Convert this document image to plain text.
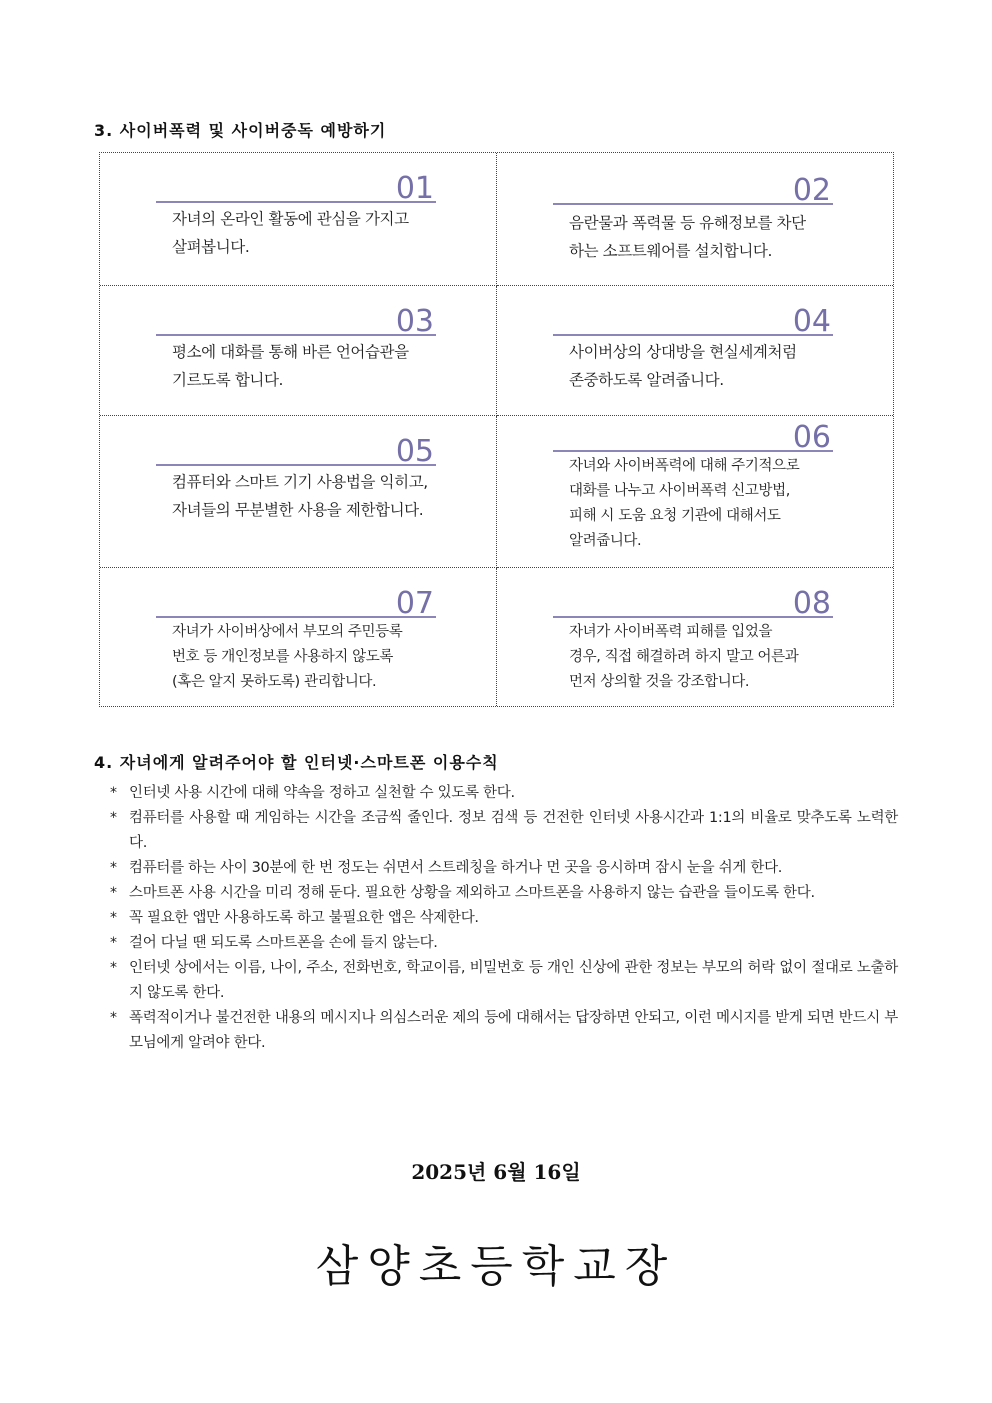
3. 사이버폭력 및 사이버중독 예방하기
01

자녀의 온라인 활동에 관심을 가지고
살펴봅니다.

02

음란물과 폭력물 등 유해정보를 차단
하는 소프트웨어를 설치합니다.

03

평소에 대화를 통해 바른 언어습관을
기르도록 합니다.

04

사이버상의 상대방을 현실세계처럼
존중하도록 알려줍니다.

05

컴퓨터와 스마트 기기 사용법을 익히고,
자녀들의 무분별한 사용을 제한합니다.

06

자녀와 사이버폭력에 대해 주기적으로
대화를 나누고 사이버폭력 신고방법,
피해 시 도움 요청 기관에 대해서도
알려줍니다.

07

자녀가 사이버상에서 부모의 주민등록
번호 등 개인정보를 사용하지 않도록
(혹은 알지 못하도록) 관리합니다.

08

자녀가 사이버폭력 피해를 입었을
경우, 직접 해결하려 하지 말고 어른과
먼저 상의할 것을 강조합니다.

4. 자녀에게 알려주어야 할 인터넷·스마트폰 이용수칙
* 인터넷 사용 시간에 대해 약속을 정하고 실천할 수 있도록 한다.
* 컴퓨터를 사용할 때 게임하는 시간을 조금씩 줄인다. 정보 검색 등 건전한 인터넷 사용시간과 1:1의 비율로 맞추도록 노력한다.
* 컴퓨터를 하는 사이 30분에 한 번 정도는 쉬면서 스트레칭을 하거나 먼 곳을 응시하며 잠시 눈을 쉬게 한다.
* 스마트폰 사용 시간을 미리 정해 둔다. 필요한 상황을 제외하고 스마트폰을 사용하지 않는 습관을 들이도록 한다.
* 꼭 필요한 앱만 사용하도록 하고 불필요한 앱은 삭제한다.
* 걸어 다닐 땐 되도록 스마트폰을 손에 들지 않는다.
* 인터넷 상에서는 이름, 나이, 주소, 전화번호, 학교이름, 비밀번호 등 개인 신상에 관한 정보는 부모의 허락 없이 절대로 노출하지 않도록 한다.
* 폭력적이거나 불건전한 내용의 메시지나 의심스러운 제의 등에 대해서는 답장하면 안되고, 이런 메시지를 받게 되면 반드시 부모님에게 알려야 한다.
2025년 6월 16일
삼양초등학교장
